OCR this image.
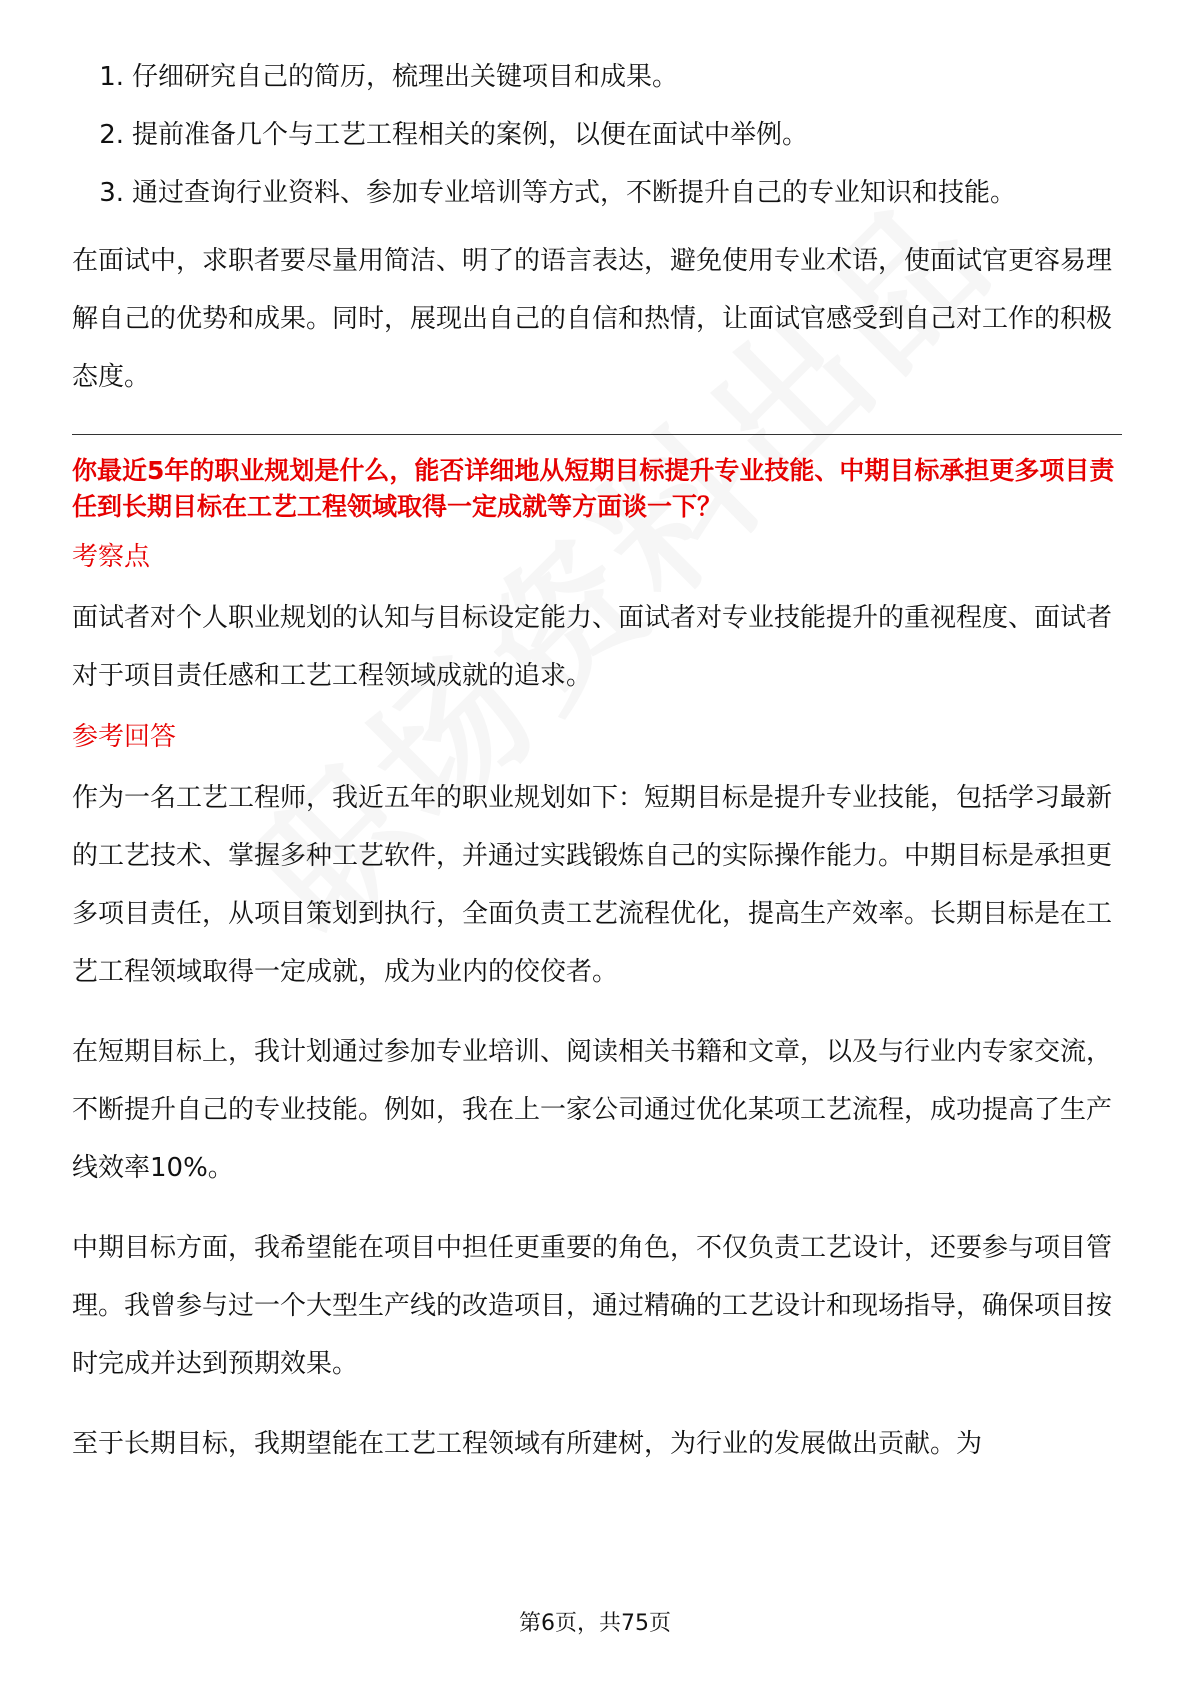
1. 仔细研究自己的简历，梳理出关键项目和成果。
2. 提前准备几个与工艺工程相关的案例，以便在面试中举例。
3. 通过查询行业资料、参加专业培训等方式，不断提升自己的专业知识和技能。

在面试中，求职者要尽量用简洁、明了的语言表达，避免使用专业术语，使面试官更容易理解自己的优势和成果。同时，展现出自己的自信和热情，让面试官感受到自己对工作的积极态度。

你最近5年的职业规划是什么，能否详细地从短期目标提升专业技能、中期目标承担更多项目责任到长期目标在工艺工程领域取得一定成就等方面谈一下？

考察点

面试者对个人职业规划的认知与目标设定能力、面试者对专业技能提升的重视程度、面试者对于项目责任感和工艺工程领域成就的追求。

参考回答

作为一名工艺工程师，我近五年的职业规划如下：短期目标是提升专业技能，包括学习最新的工艺技术、掌握多种工艺软件，并通过实践锻炼自己的实际操作能力。中期目标是承担更多项目责任，从项目策划到执行，全面负责工艺流程优化，提高生产效率。长期目标是在工艺工程领域取得一定成就，成为业内的佼佼者。

在短期目标上，我计划通过参加专业培训、阅读相关书籍和文章，以及与行业内专家交流，不断提升自己的专业技能。例如，我在上一家公司通过优化某项工艺流程，成功提高了生产线效率10%。

中期目标方面，我希望能在项目中担任更重要的角色，不仅负责工艺设计，还要参与项目管理。我曾参与过一个大型生产线的改造项目，通过精确的工艺设计和现场指导，确保项目按时完成并达到预期效果。

至于长期目标，我期望能在工艺工程领域有所建树，为行业的发展做出贡献。为

第6页，共75页
